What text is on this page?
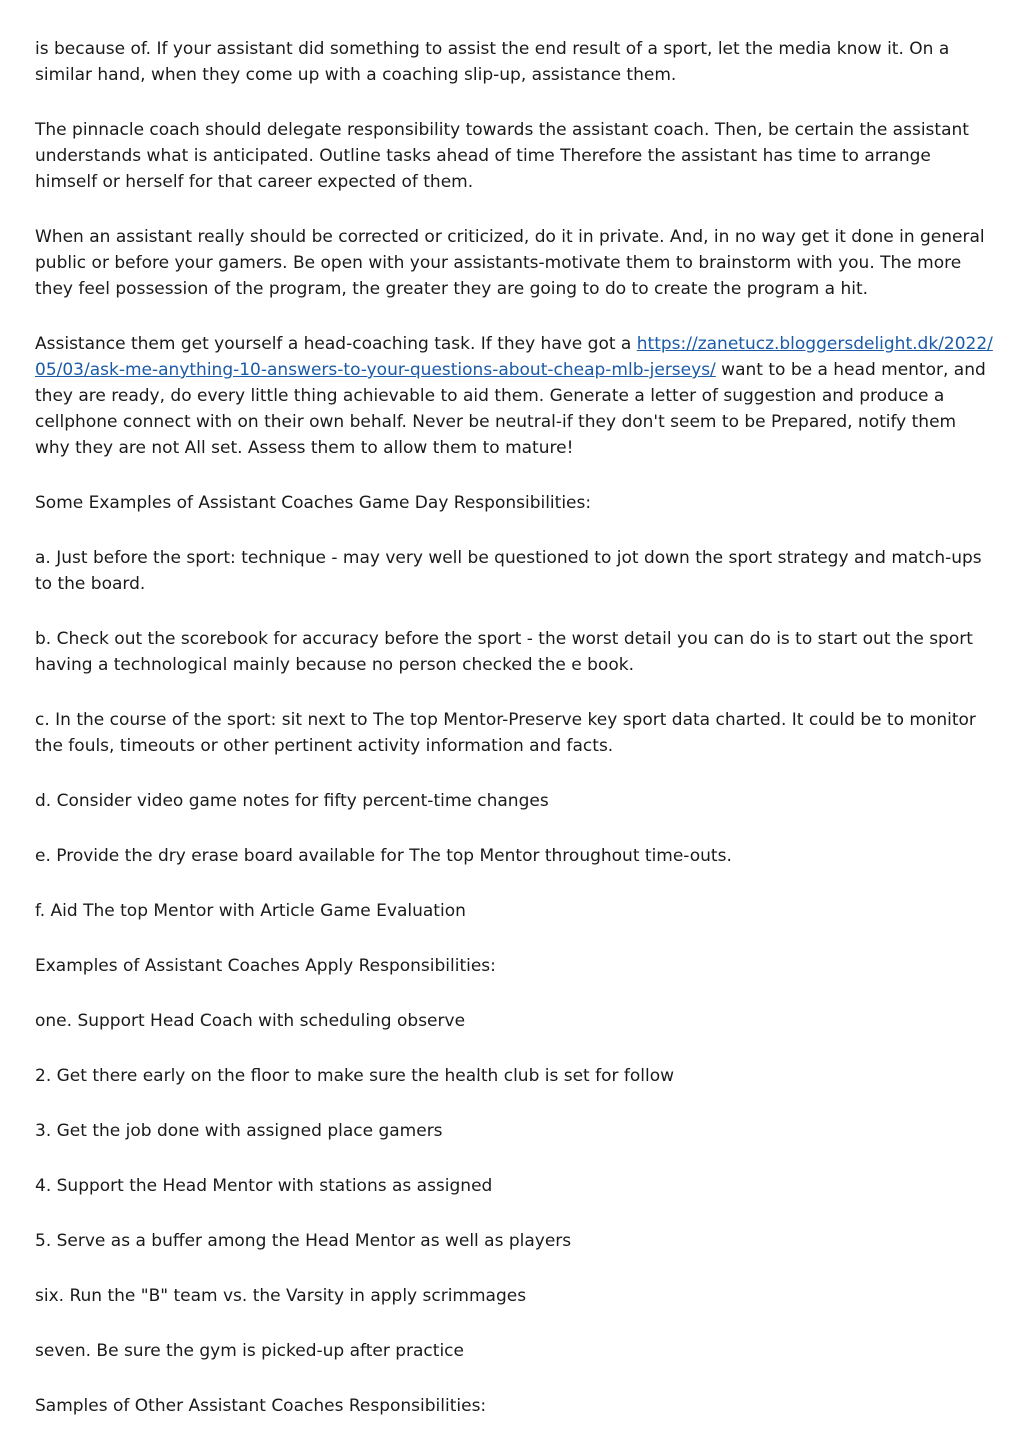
is because of. If your assistant did something to assist the end result of a sport, let the media know it. On a similar hand, when they come up with a coaching slip-up, assistance them.

The pinnacle coach should delegate responsibility towards the assistant coach. Then, be certain the assistant understands what is anticipated. Outline tasks ahead of time Therefore the assistant has time to arrange himself or herself for that career expected of them.

When an assistant really should be corrected or criticized, do it in private. And, in no way get it done in general public or before your gamers. Be open with your assistants-motivate them to brainstorm with you. The more they feel possession of the program, the greater they are going to do to create the program a hit.

Assistance them get yourself a head-coaching task. If they have got a https://zanetucz.bloggersdelight.dk/2022/05/03/ask-me-anything-10-answers-to-your-questions-about-cheap-mlb-jerseys/ want to be a head mentor, and they are ready, do every little thing achievable to aid them. Generate a letter of suggestion and produce a cellphone connect with on their own behalf. Never be neutral-if they don't seem to be Prepared, notify them why they are not All set. Assess them to allow them to mature!

Some Examples of Assistant Coaches Game Day Responsibilities:

a. Just before the sport: technique - may very well be questioned to jot down the sport strategy and match-ups to the board.

b. Check out the scorebook for accuracy before the sport - the worst detail you can do is to start out the sport having a technological mainly because no person checked the e book.

c. In the course of the sport: sit next to The top Mentor-Preserve key sport data charted. It could be to monitor the fouls, timeouts or other pertinent activity information and facts.

d. Consider video game notes for fifty percent-time changes

e. Provide the dry erase board available for The top Mentor throughout time-outs.

f. Aid The top Mentor with Article Game Evaluation

Examples of Assistant Coaches Apply Responsibilities:

one. Support Head Coach with scheduling observe

2. Get there early on the floor to make sure the health club is set for follow

3. Get the job done with assigned place gamers

4. Support the Head Mentor with stations as assigned

5. Serve as a buffer among the Head Mentor as well as players

six. Run the "B" team vs. the Varsity in apply scrimmages

seven. Be sure the gym is picked-up after practice

Samples of Other Assistant Coaches Responsibilities:
